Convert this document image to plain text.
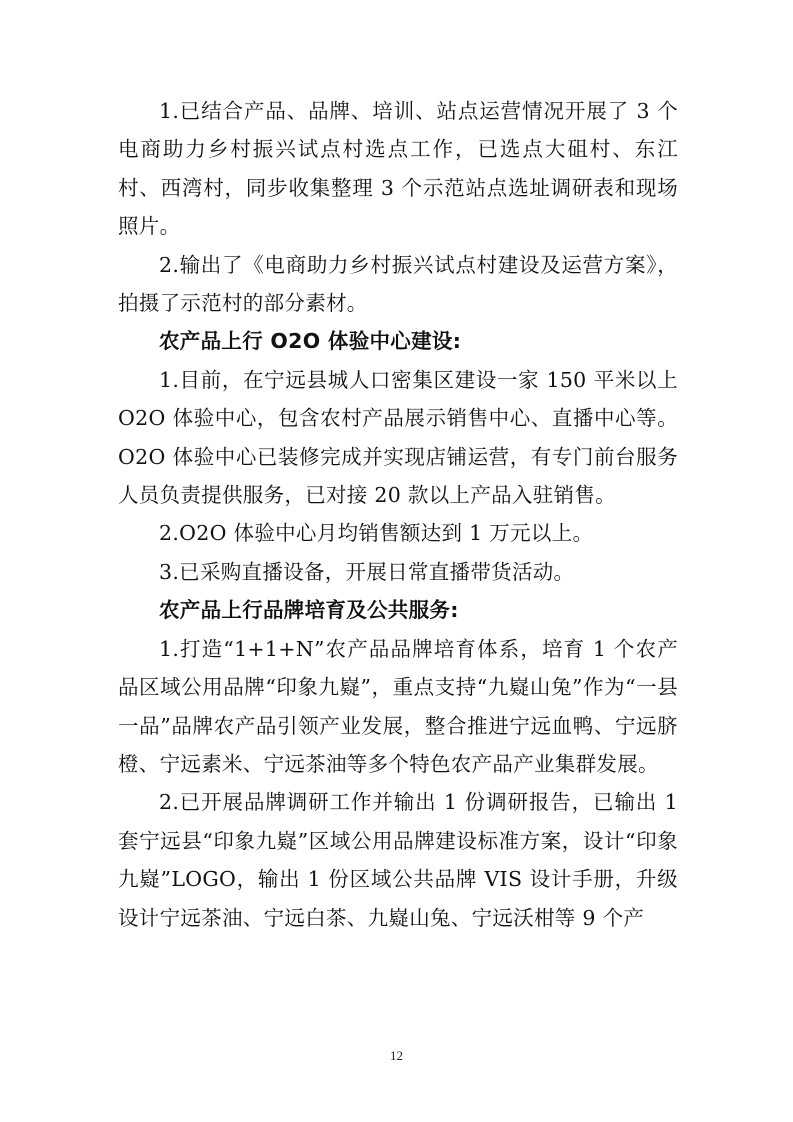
1.已结合产品、品牌、培训、站点运营情况开展了 3 个电商助力乡村振兴试点村选点工作，已选点大砠村、东江村、西湾村，同步收集整理 3 个示范站点选址调研表和现场照片。

2.输出了《电商助力乡村振兴试点村建设及运营方案》，拍摄了示范村的部分素材。

农产品上行 O2O 体验中心建设:

1.目前，在宁远县城人口密集区建设一家 150 平米以上O2O 体验中心，包含农村产品展示销售中心、直播中心等。O2O 体验中心已装修完成并实现店铺运营，有专门前台服务人员负责提供服务，已对接 20 款以上产品入驻销售。

2.O2O 体验中心月均销售额达到 1 万元以上。

3.已采购直播设备，开展日常直播带货活动。

农产品上行品牌培育及公共服务:

1.打造“1+1+N”农产品品牌培育体系，培育 1 个农产品区域公用品牌“印象九嶷”，重点支持“九嶷山兔”作为“一县一品”品牌农产品引领产业发展，整合推进宁远血鸭、宁远脐橙、宁远素米、宁远茶油等多个特色农产品产业集群发展。

2.已开展品牌调研工作并输出 1 份调研报告，已输出 1 套宁远县“印象九嶷”区域公用品牌建设标准方案，设计“印象九嶷”LOGO，输出 1 份区域公共品牌 VIS 设计手册，升级设计宁远茶油、宁远白茶、九嶷山兔、宁远沃柑等 9 个产

12
